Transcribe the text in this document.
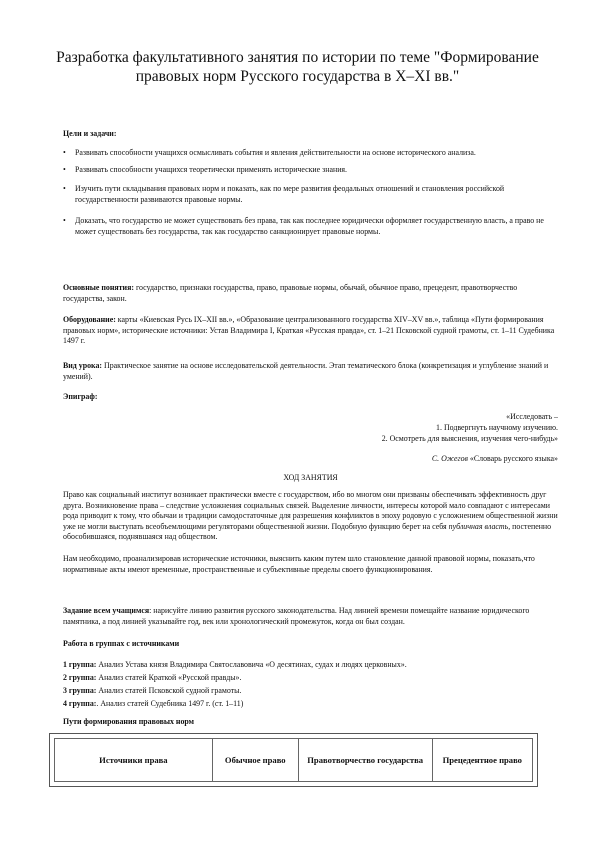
Разработка факультативного занятия по истории по теме "Формирование правовых норм Русского государства в X–XI вв."
Цели и задачи:
• Развивать способности учащихся осмысливать события и явления действительности на основе исторического анализа.
• Развивать способности учащихся теоретически применять исторические знания.
• Изучить пути складывания правовых норм и показать, как по мере развития феодальных отношений и становления российской государственности развиваются правовые нормы.
• Доказать, что государство не может существовать без права, так как последнее юридически оформляет государственную власть, а право не может существовать без государства, так как государство санкционирует правовые нормы.
Основные понятия: государство, признаки государства, право, правовые нормы, обычай, обычное право, прецедент, правотворчество государства, закон.
Оборудование: карты «Киевская Русь IX–XII вв.», «Образование централизованного государства XIV–XV вв.», таблица «Пути формирования правовых норм», исторические источники: Устав Владимира I, Краткая «Русская правда», ст. 1–21 Псковской судной грамоты, ст. 1–11 Судебника 1497 г.
Вид урока: Практическое занятие на основе исследовательской деятельности. Этап тематического блока (конкретизация и углубление знаний и умений).
Эпиграф:
«Исследовать –
1. Подвергнуть научному изучению.
2. Осмотреть для выяснения, изучения чего-нибудь»
С. Ожегов «Словарь русского языка»
ХОД ЗАНЯТИЯ
Право как социальный институт возникает практически вместе с государством, ибо во многом они призваны обеспечивать эффективность друг друга. Возникновение права – следствие усложнения социальных связей. Выделение личности, интересы которой мало совпадают с интересами рода приводит к тому, что обычаи и традиции самодостаточные для разрешения конфликтов в эпоху родовую с усложнением общественной жизни уже не могли выступать всеобъемлющими регуляторами общественной жизни. Подобную функцию берет на себя публичная власть, постепенно обособившаяся, поднявшаяся над обществом.
Нам необходимо, проанализировав исторические источники, выяснить каким путем шло становление данной правовой нормы, показать,что нормативные акты имеют временные, пространственные и субъективные пределы своего функционирования.
Задание всем учащимся: нарисуйте линию развития русского законодательства. Над линией времени помещайте название юридического памятника, а под линией указывайте год, век или хронологический промежуток, когда он был создан.
Работа в группах с источниками
1 группа: Анализ Устава князя Владимира Святославовича «О десятинах, судах и людях церковных».
2 группа: Анализ статей Краткой «Русской правды».
3 группа: Анализ статей Псковской судной грамоты.
4 группа:. Анализ статей Судебника 1497 г. (ст. 1–11)
Пути формирования правовых норм
Источники права	Обычное право	Правотворчество государства	Прецедентное право
